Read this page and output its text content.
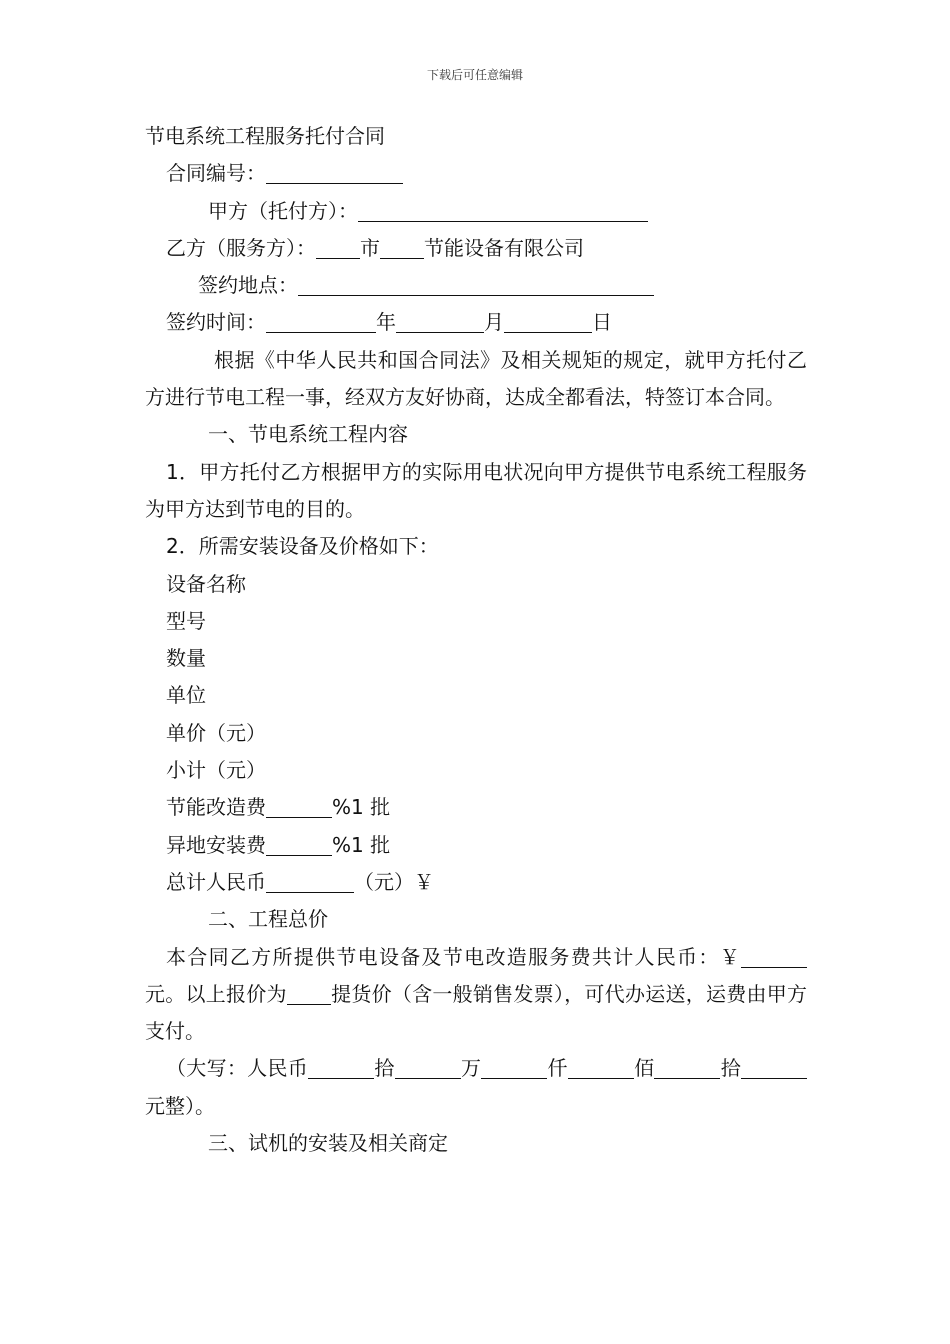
下载后可任意编辑

节电系统工程服务托付合同

合同编号：

甲方（托付方）：

乙方（服务方）： 市 节能设备有限公司

签约地点：

签约时间：	年	月	日

根据《中华人民共和国合同法》及相关规矩的规定，就甲方托付乙方进行节电工程一事，经双方友好协商，达成全都看法，特签订本合同。

一、节电系统工程内容

1．甲方托付乙方根据甲方的实际用电状况向甲方提供节电系统工程服务为甲方达到节电的目的。

2．所需安装设备及价格如下：

设备名称

型号

数量

单位

单价（元）

小计（元）

节能改造费	%1 批

异地安装费	%1 批

总计人民币	（元）￥

二、工程总价

本合同乙方所提供节电设备及节电改造服务费共计人民币：￥元。以上报价为 提货价（含一般销售发票），可代办运送，运费由甲方支付。

（大写：人民币	拾	万	仟	佰	拾元整）。

三、试机的安装及相关商定
